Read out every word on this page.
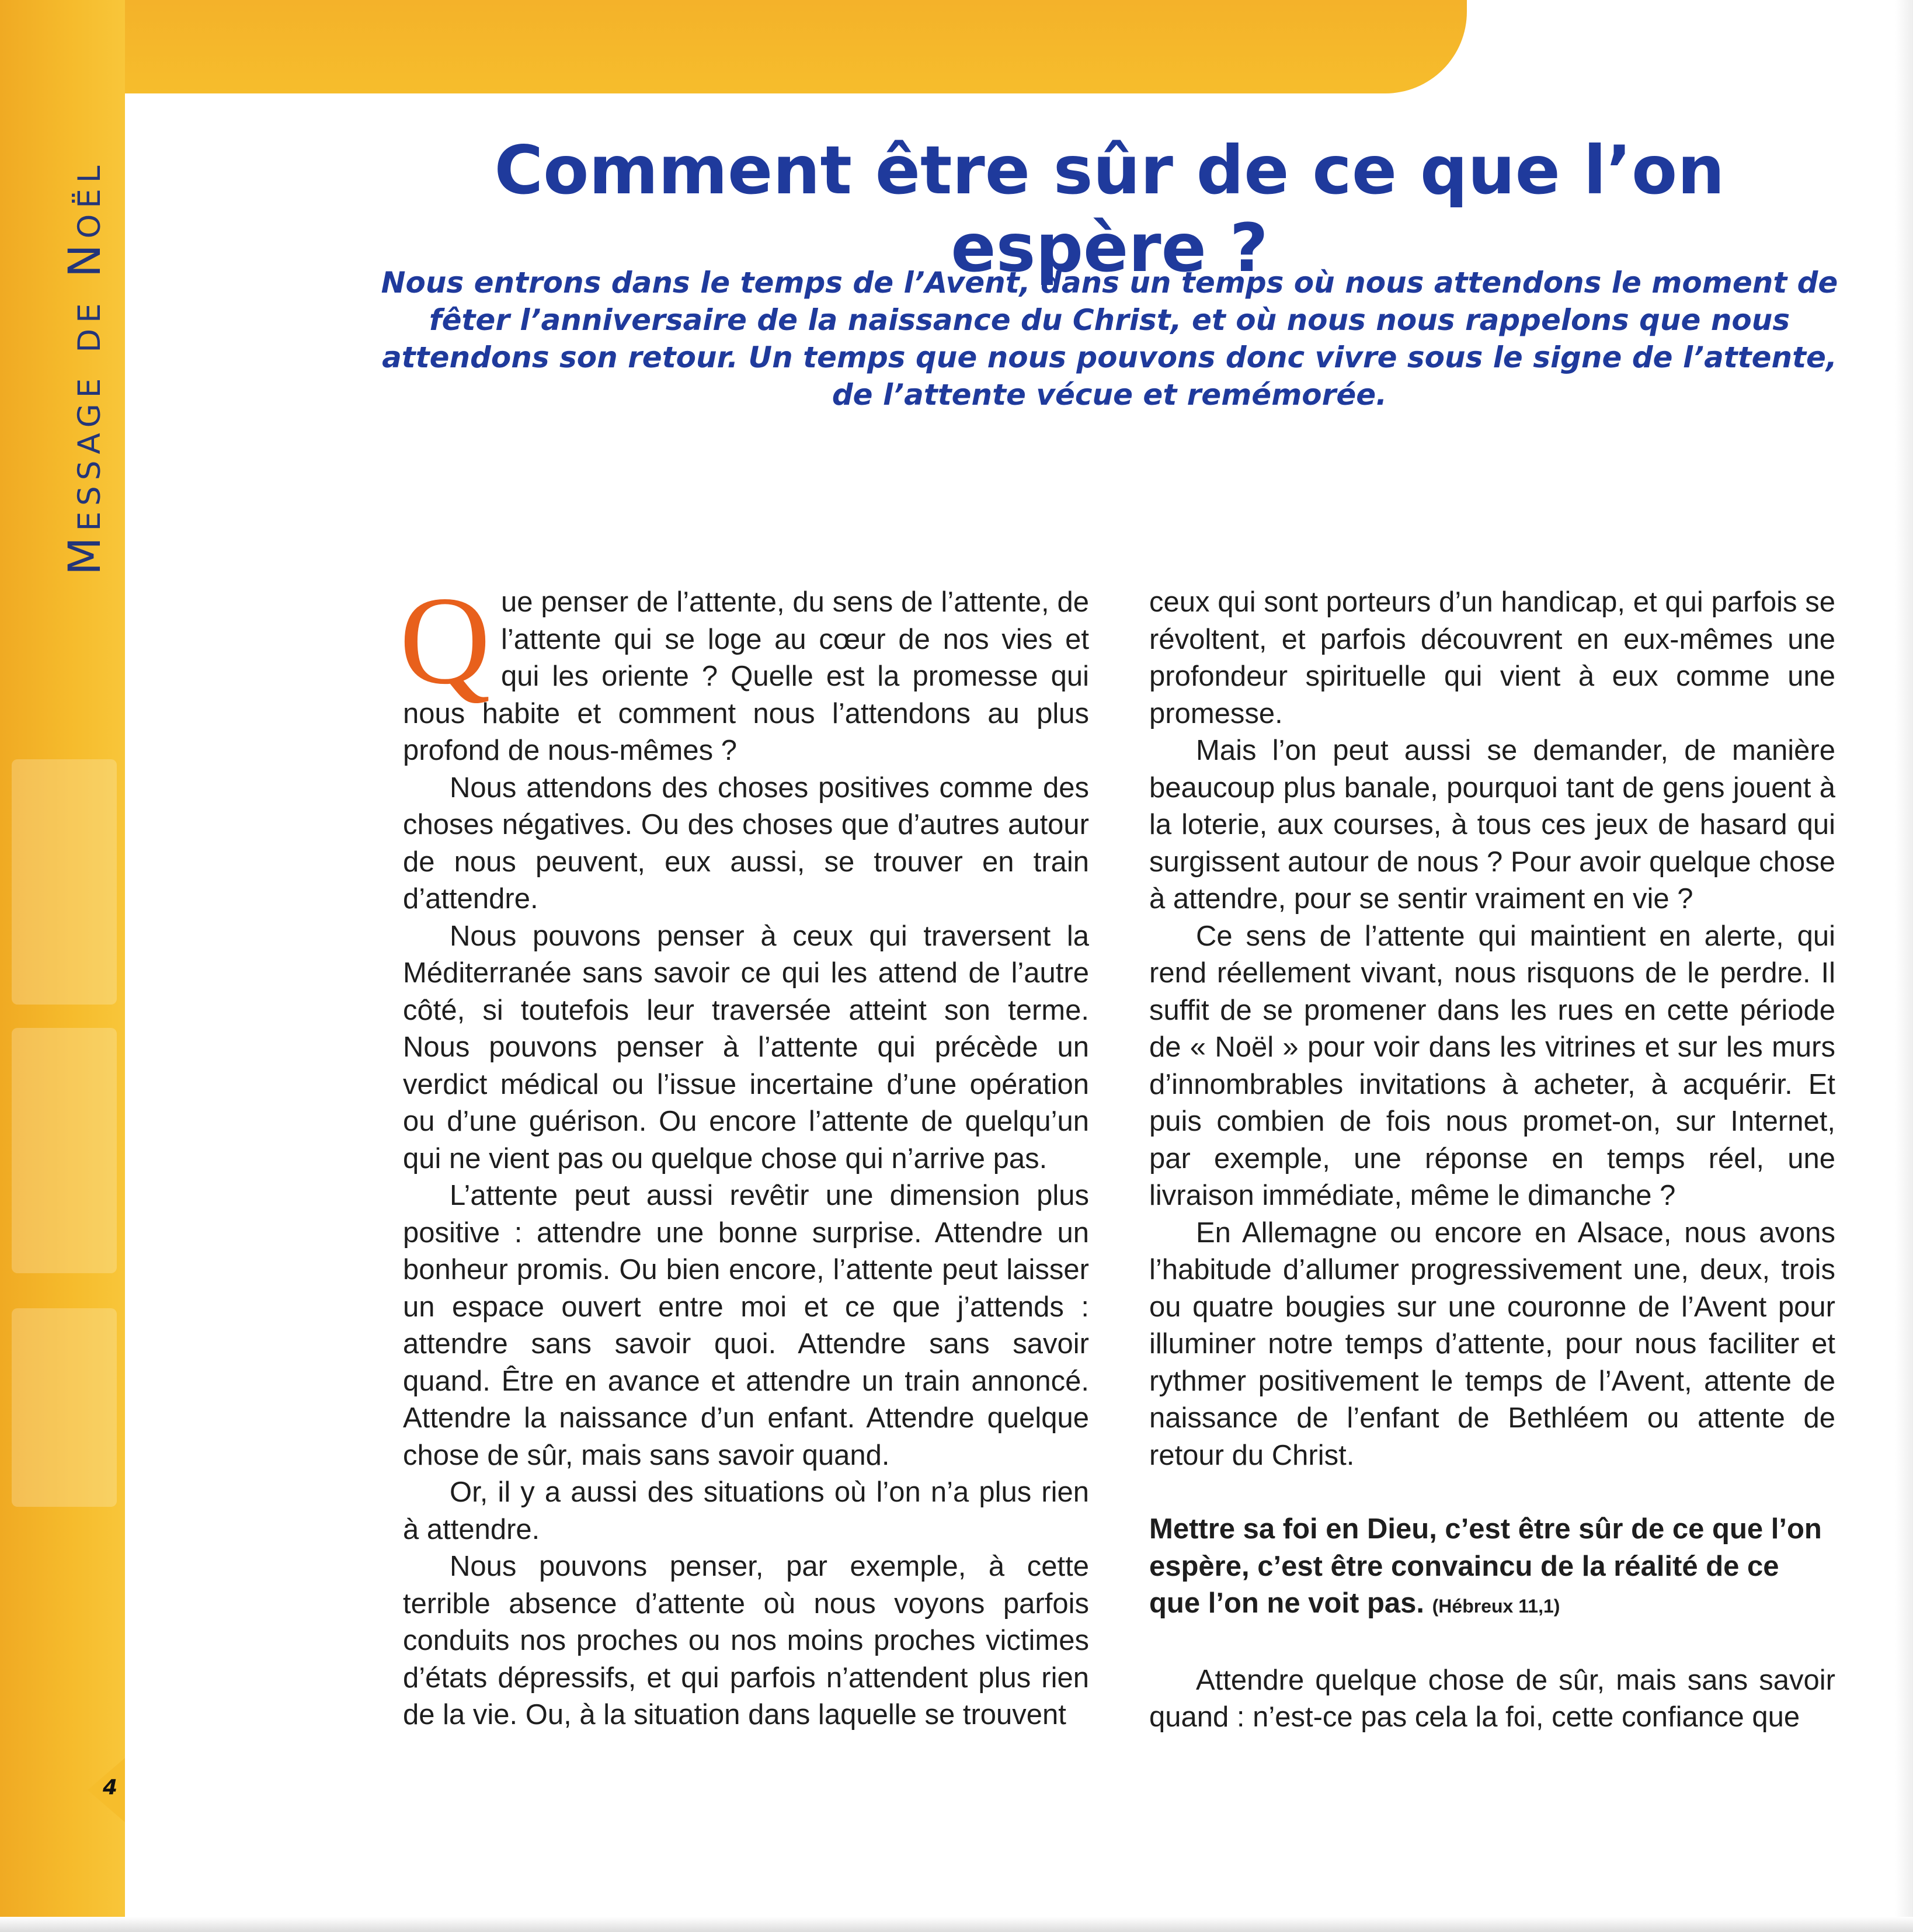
Message de Noël	Comment être sûr de ce que l’on espère ?

Nous entrons dans le temps de l’Avent, dans un temps où nous attendons le moment de fêter l’anniversaire de la naissance du Christ, et où nous nous rappelons que nous attendons son retour. Un temps que nous pouvons donc vivre sous le signe de l’attente, de l’attente vécue et remémorée.

Que penser de l’attente, du sens de l’attente, de l’attente qui se loge au cœur de nos vies et qui les oriente ? Quelle est la promesse qui nous habite et comment nous l’attendons au plus profond de nous-mêmes ?

Nous attendons des choses positives comme des choses négatives. Ou des choses que d’autres autour de nous peuvent, eux aussi, se trouver en train d’attendre.

Nous pouvons penser à ceux qui traversent la Méditerranée sans savoir ce qui les attend de l’autre côté, si toutefois leur traversée atteint son terme. Nous pouvons penser à l’attente qui précède un verdict médical ou l’issue incertaine d’une opération ou d’une guérison. Ou encore l’attente de quelqu’un qui ne vient pas ou quelque chose qui n’arrive pas.

L’attente peut aussi revêtir une dimension plus positive : attendre une bonne surprise. Attendre un bonheur promis. Ou bien encore, l’attente peut laisser un espace ouvert entre moi et ce que j’attends : attendre sans savoir quoi. Attendre sans savoir quand. Être en avance et attendre un train annoncé. Attendre la naissance d’un enfant. Attendre quelque chose de sûr, mais sans savoir quand.

Or, il y a aussi des situations où l’on n’a plus rien à attendre.

Nous pouvons penser, par exemple, à cette terrible absence d’attente où nous voyons parfois conduits nos proches ou nos moins proches victimes d’états dépressifs, et qui parfois n’attendent plus rien de la vie. Ou, à la situation dans laquelle se trouvent

ceux qui sont porteurs d’un handicap, et qui parfois se révoltent, et parfois découvrent en eux-mêmes une profondeur spirituelle qui vient à eux comme une promesse.

Mais l’on peut aussi se demander, de manière beaucoup plus banale, pourquoi tant de gens jouent à la loterie, aux courses, à tous ces jeux de hasard qui surgissent autour de nous ? Pour avoir quelque chose à attendre, pour se sentir vraiment en vie ?

Ce sens de l’attente qui maintient en alerte, qui rend réellement vivant, nous risquons de le perdre. Il suffit de se promener dans les rues en cette période de « Noël » pour voir dans les vitrines et sur les murs d’innombrables invitations à acheter, à acquérir. Et puis combien de fois nous promet-on, sur Internet, par exemple, une réponse en temps réel, une livraison immédiate, même le dimanche ?

En Allemagne ou encore en Alsace, nous avons l’habitude d’allumer progressivement une, deux, trois ou quatre bougies sur une couronne de l’Avent pour illuminer notre temps d’attente, pour nous faciliter et rythmer positivement le temps de l’Avent, attente de naissance de l’enfant de Bethléem ou attente de retour du Christ.

Mettre sa foi en Dieu, c’est être sûr de ce que l’on espère, c’est être convaincu de la réalité de ce que l’on ne voit pas. (Hébreux 11,1)

Attendre quelque chose de sûr, mais sans savoir quand : n’est-ce pas cela la foi, cette confiance que

4
